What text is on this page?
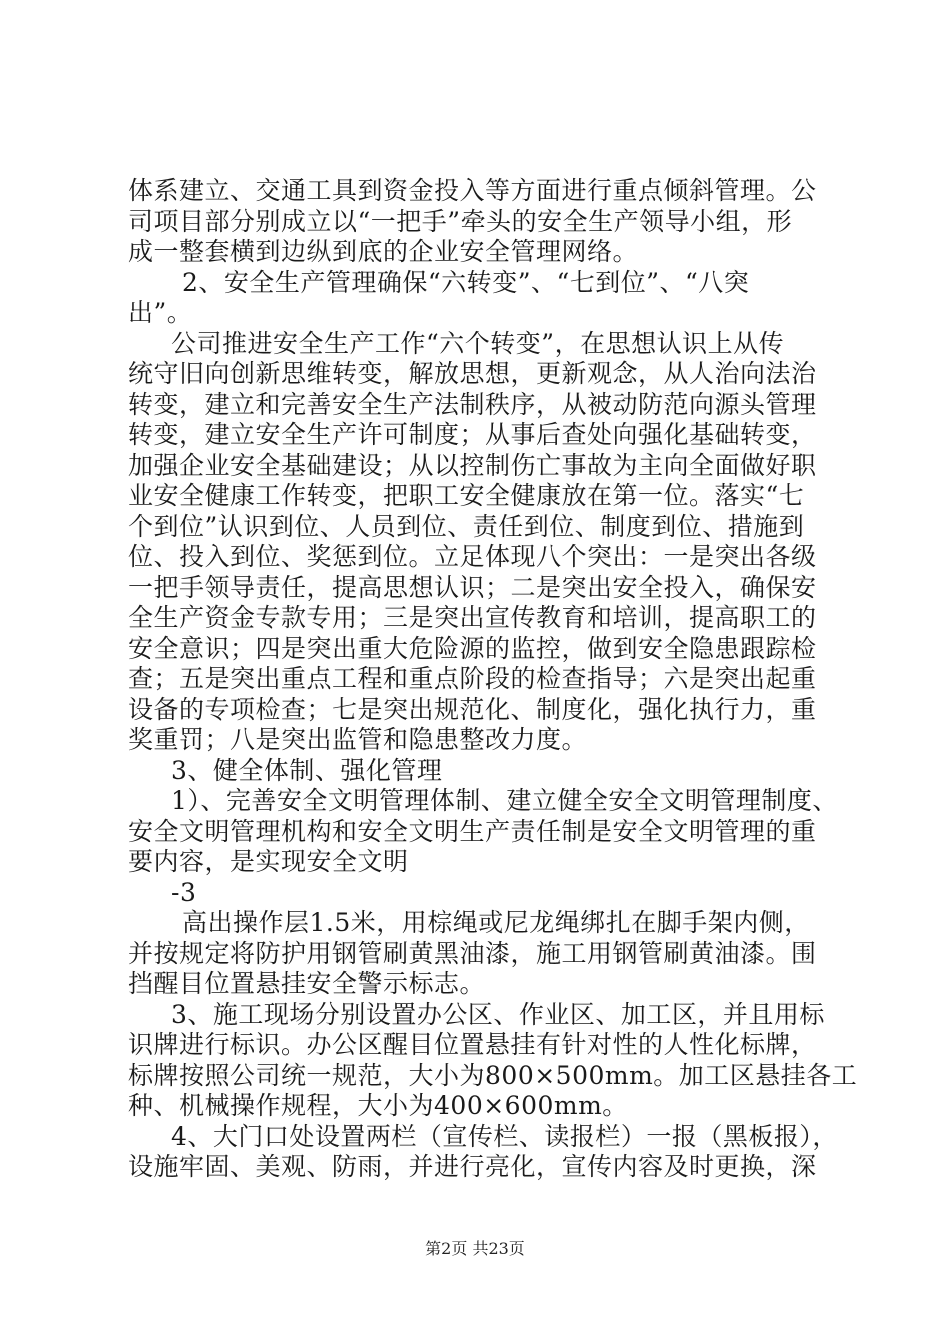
体系建立、交通工具到资金投入等方面进行重点倾斜管理。公
司项目部分别成立以“一把手”牵头的安全生产领导小组，形
成一整套横到边纵到底的企业安全管理网络。
2、安全生产管理确保“六转变”、“七到位”、“八突
出”。
公司推进安全生产工作“六个转变”，在思想认识上从传
统守旧向创新思维转变，解放思想，更新观念，从人治向法治
转变，建立和完善安全生产法制秩序，从被动防范向源头管理
转变，建立安全生产许可制度；从事后查处向强化基础转变，
加强企业安全基础建设；从以控制伤亡事故为主向全面做好职
业安全健康工作转变，把职工安全健康放在第一位。落实“七
个到位”认识到位、人员到位、责任到位、制度到位、措施到
位、投入到位、奖惩到位。立足体现八个突出：一是突出各级
一把手领导责任，提高思想认识；二是突出安全投入，确保安
全生产资金专款专用；三是突出宣传教育和培训，提高职工的
安全意识；四是突出重大危险源的监控，做到安全隐患跟踪检
查；五是突出重点工程和重点阶段的检查指导；六是突出起重
设备的专项检查；七是突出规范化、制度化，强化执行力，重
奖重罚；八是突出监管和隐患整改力度。
3、健全体制、强化管理
1）、完善安全文明管理体制、建立健全安全文明管理制度、
安全文明管理机构和安全文明生产责任制是安全文明管理的重
要内容，是实现安全文明
-3
高出操作层1.5米，用棕绳或尼龙绳绑扎在脚手架内侧，
并按规定将防护用钢管刷黄黑油漆，施工用钢管刷黄油漆。围
挡醒目位置悬挂安全警示标志。
3、施工现场分别设置办公区、作业区、加工区，并且用标
识牌进行标识。办公区醒目位置悬挂有针对性的人性化标牌，
标牌按照公司统一规范，大小为800×500mm。加工区悬挂各工
第2页 共23页
种、机械操作规程，大小为400×600mm。
4、大门口处设置两栏（宣传栏、读报栏）一报（黑板报），
设施牢固、美观、防雨，并进行亮化，宣传内容及时更换，深
